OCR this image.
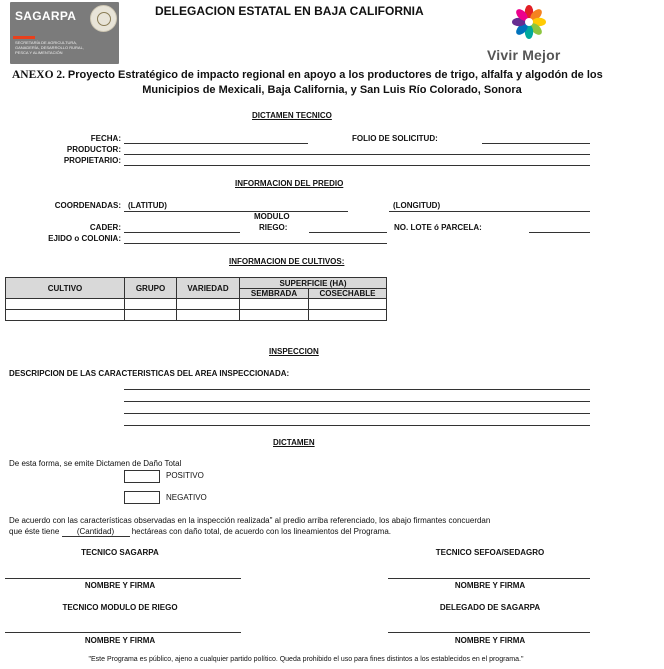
SAGARPA
SECRETARÍA DE AGRICULTURA,
GANADERÍA, DESARROLLO RURAL,
PESCA Y ALIMENTACIÓN	Vivir Mejor
DELEGACION ESTATAL EN BAJA CALIFORNIA
ANEXO 2. Proyecto Estratégico de impacto regional en apoyo a los productores de trigo, alfalfa y algodón de los
Municipios de Mexicali, Baja California, y San Luis Río Colorado, Sonora
DICTAMEN TECNICO
FECHA:	FOLIO DE SOLICITUD:
PRODUCTOR:
PROPIETARIO:
INFORMACION DEL PREDIO
COORDENADAS: (LATITUD)	(LONGITUD)
MODULO
CADER:	RIEGO:	NO. LOTE ó PARCELA:
EJIDO o COLONIA:
INFORMACION DE CULTIVOS:
CULTIVO	GRUPO	VARIEDAD	SUPERFICIE (HA)	
			SEMBRADA	COSECHABLE

INSPECCION
DESCRIPCION DE LAS CARACTERISTICAS DEL AREA INSPECCIONADA:
DICTAMEN
De esta forma, se emite Dictamen de Daño Total
POSITIVO
NEGATIVO
De acuerdo con las características observadas en la inspección realizada" al predio arriba referenciado, los abajo firmantes concuerdan
que éste tiene (Cantidad) hectáreas con daño total, de acuerdo con los lineamientos del Programa.
TECNICO SAGARPA	TECNICO SEFOA/SEDAGRO
NOMBRE Y FIRMA	NOMBRE Y FIRMA
TECNICO MODULO DE RIEGO	DELEGADO DE SAGARPA
NOMBRE Y FIRMA	NOMBRE Y FIRMA
"Este Programa es público, ajeno a cualquier partido político. Queda prohibido el uso para fines distintos a los establecidos en el programa."
